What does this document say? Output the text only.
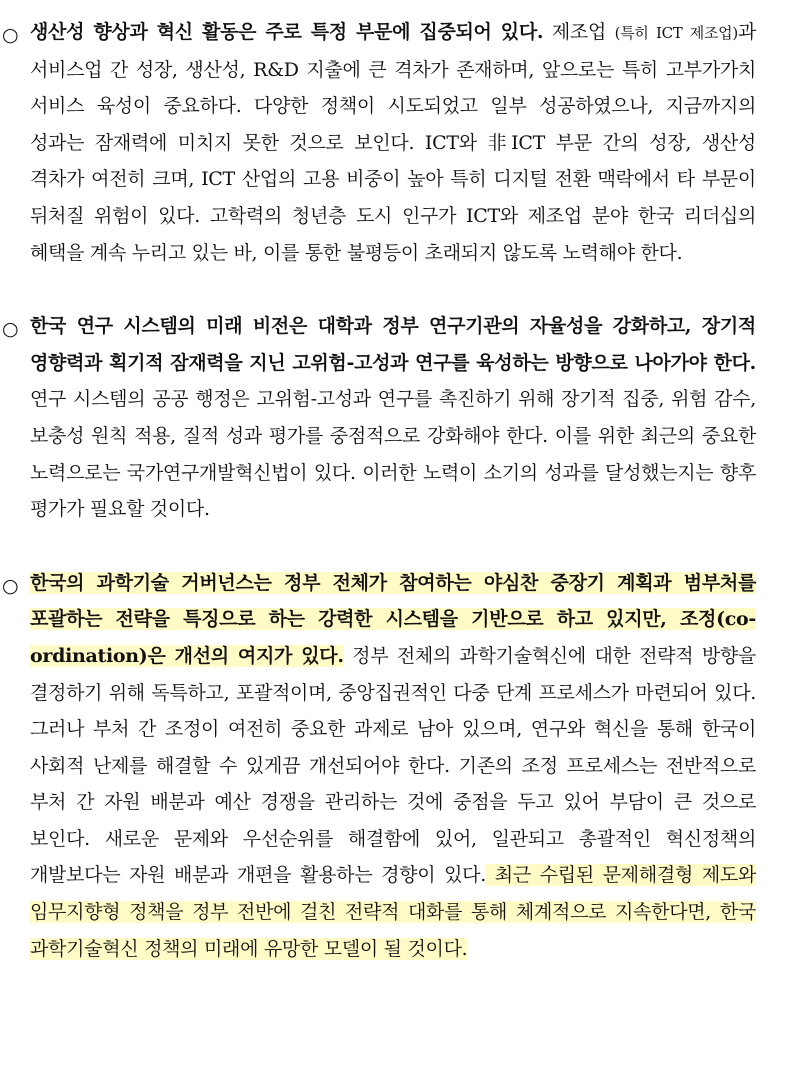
○ 생산성 향상과 혁신 활동은 주로 특정 부문에 집중되어 있다. 제조업 (특히 ICT 제조업)과 서비스업 간 성장, 생산성, R&D 지출에 큰 격차가 존재하며, 앞으로는 특히 고부가가치 서비스 육성이 중요하다. 다양한 정책이 시도되었고 일부 성공하였으나, 지금까지의 성과는 잠재력에 미치지 못한 것으로 보인다. ICT와 非ICT 부문 간의 성장, 생산성 격차가 여전히 크며, ICT 산업의 고용 비중이 높아 특히 디지털 전환 맥락에서 타 부문이 뒤처질 위험이 있다. 고학력의 청년층 도시 인구가 ICT와 제조업 분야 한국 리더십의 혜택을 계속 누리고 있는 바, 이를 통한 불평등이 초래되지 않도록 노력해야 한다.

○ 한국 연구 시스템의 미래 비전은 대학과 정부 연구기관의 자율성을 강화하고, 장기적 영향력과 획기적 잠재력을 지닌 고위험-고성과 연구를 육성하는 방향으로 나아가야 한다. 연구 시스템의 공공 행정은 고위험-고성과 연구를 촉진하기 위해 장기적 집중, 위험 감수, 보충성 원칙 적용, 질적 성과 평가를 중점적으로 강화해야 한다. 이를 위한 최근의 중요한 노력으로는 국가연구개발혁신법이 있다. 이러한 노력이 소기의 성과를 달성했는지는 향후 평가가 필요할 것이다.

○ 한국의 과학기술 거버넌스는 정부 전체가 참여하는 야심찬 중장기 계획과 범부처를 포괄하는 전략을 특징으로 하는 강력한 시스템을 기반으로 하고 있지만, 조정(co-ordination)은 개선의 여지가 있다. 정부 전체의 과학기술혁신에 대한 전략적 방향을 결정하기 위해 독특하고, 포괄적이며, 중앙집권적인 다중 단계 프로세스가 마련되어 있다. 그러나 부처 간 조정이 여전히 중요한 과제로 남아 있으며, 연구와 혁신을 통해 한국이 사회적 난제를 해결할 수 있게끔 개선되어야 한다. 기존의 조정 프로세스는 전반적으로 부처 간 자원 배분과 예산 경쟁을 관리하는 것에 중점을 두고 있어 부담이 큰 것으로 보인다. 새로운 문제와 우선순위를 해결함에 있어, 일관되고 총괄적인 혁신정책의 개발보다는 자원 배분과 개편을 활용하는 경향이 있다. 최근 수립된 문제해결형 제도와 임무지향형 정책을 정부 전반에 걸친 전략적 대화를 통해 체계적으로 지속한다면, 한국 과학기술혁신 정책의 미래에 유망한 모델이 될 것이다.
